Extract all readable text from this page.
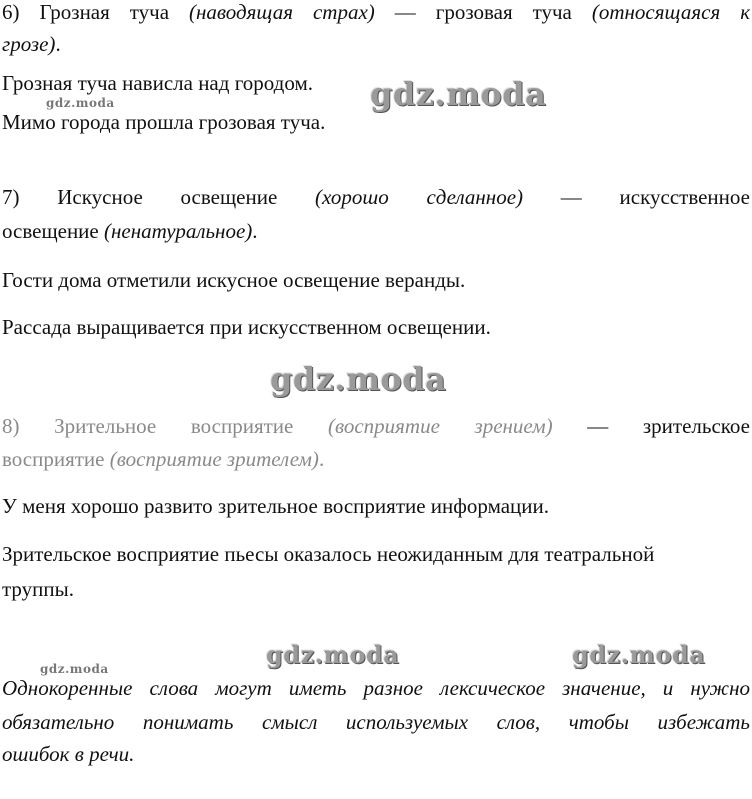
6) Грозная туча (наводящая страх) — грозовая туча (относящаяся к

грозе).

Грозная туча нависла над городом.

Мимо города прошла грозовая туча.

7) Искусное освещение (хорошо сделанное) — искусственное

освещение (ненатуральное).

Гости дома отметили искусное освещение веранды.

Рассада выращивается при искусственном освещении.

8) Зрительное восприятие (восприятие зрением) — зрительское

восприятие (восприятие зрителем).

У меня хорошо развито зрительное восприятие информации.

Зрительское восприятие пьесы оказалось неожиданным для театральной

труппы.

Однокоренные слова могут иметь разное лексическое значение, и нужно

обязательно понимать смысл используемых слов, чтобы избежать

ошибок в речи.

gdz.moda
gdz.moda
gdz.moda
gdz.moda	gdz.moda
gdz.moda
